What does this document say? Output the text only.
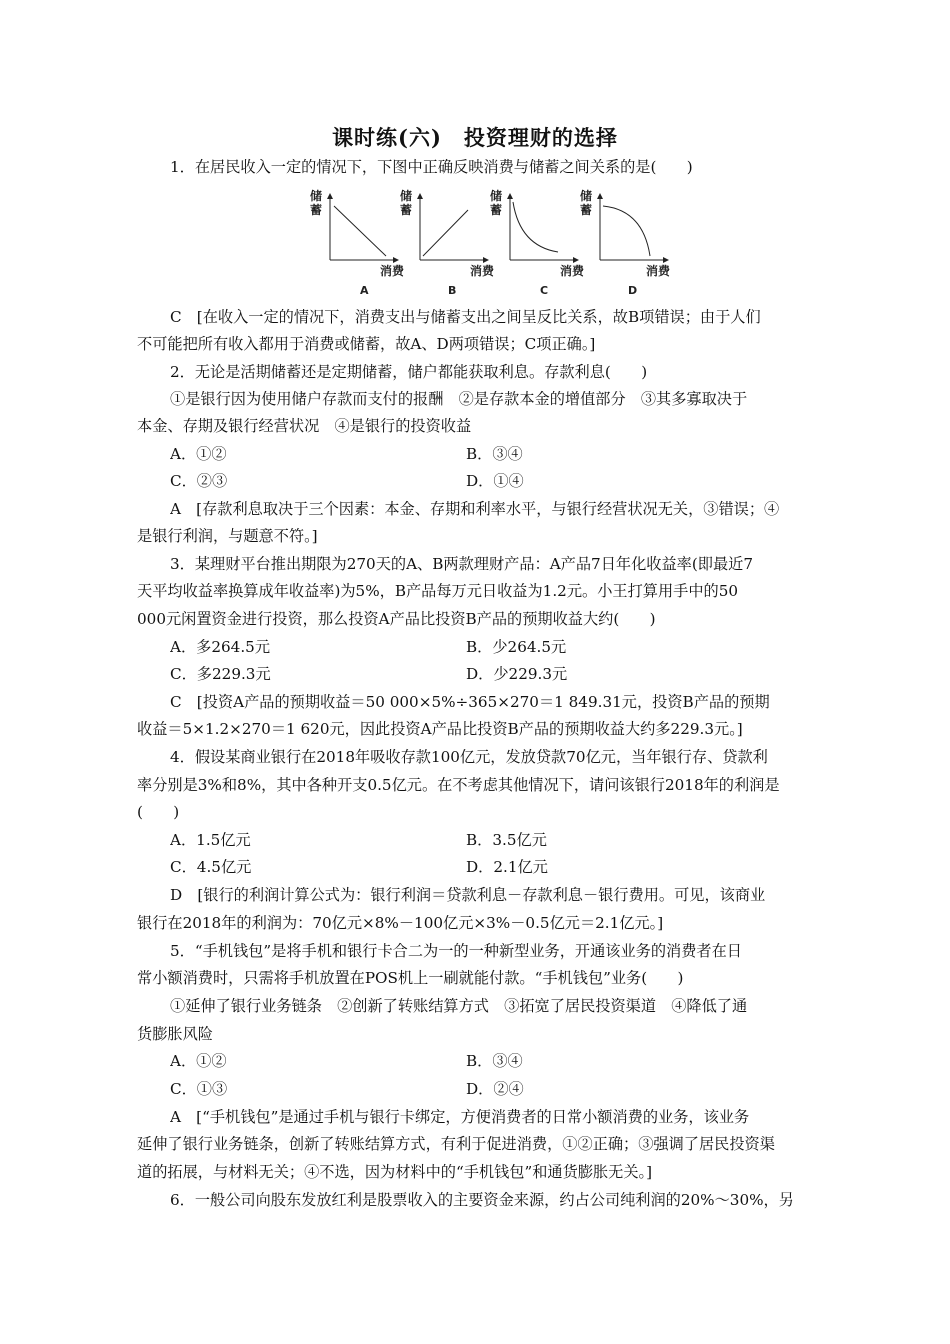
课时练(六)　投资理财的选择
1．在居民收入一定的情况下，下图中正确反映消费与储蓄之间关系的是(　　)
储蓄
消费
A
储蓄
消费
B
储蓄
消费
C
储蓄
消费
D
C　[在收入一定的情况下，消费支出与储蓄支出之间呈反比关系，故B项错误；由于人们
不可能把所有收入都用于消费或储蓄，故A、D两项错误；C项正确。]
2．无论是活期储蓄还是定期储蓄，储户都能获取利息。存款利息(　　)
①是银行因为使用储户存款而支付的报酬　②是存款本金的增值部分　③其多寡取决于
本金、存期及银行经营状况　④是银行的投资收益
A．①②	B．③④
C．②③	D．①④
A　[存款利息取决于三个因素：本金、存期和利率水平，与银行经营状况无关，③错误；④
是银行利润，与题意不符。]
3．某理财平台推出期限为270天的A、B两款理财产品：A产品7日年化收益率(即最近7
天平均收益率换算成年收益率)为5%，B产品每万元日收益为1.2元。小王打算用手中的50
000元闲置资金进行投资，那么投资A产品比投资B产品的预期收益大约(　　)
A．多264.5元	B．少264.5元
C．多229.3元	D．少229.3元
C　[投资A产品的预期收益＝50 000×5%÷365×270＝1 849.31元，投资B产品的预期
收益＝5×1.2×270＝1 620元，因此投资A产品比投资B产品的预期收益大约多229.3元。]
4．假设某商业银行在2018年吸收存款100亿元，发放贷款70亿元，当年银行存、贷款利
率分别是3%和8%，其中各种开支0.5亿元。在不考虑其他情况下，请问该银行2018年的利润是
(　　)
A．1.5亿元	B．3.5亿元
C．4.5亿元	D．2.1亿元
D　[银行的利润计算公式为：银行利润＝贷款利息－存款利息－银行费用。可见，该商业
银行在2018年的利润为：70亿元×8%－100亿元×3%－0.5亿元＝2.1亿元。]
5．“手机钱包”是将手机和银行卡合二为一的一种新型业务，开通该业务的消费者在日
常小额消费时，只需将手机放置在POS机上一刷就能付款。“手机钱包”业务(　　)
①延伸了银行业务链条　②创新了转账结算方式　③拓宽了居民投资渠道　④降低了通
货膨胀风险
A．①②	B．③④
C．①③	D．②④
A　[“手机钱包”是通过手机与银行卡绑定，方便消费者的日常小额消费的业务，该业务
延伸了银行业务链条，创新了转账结算方式，有利于促进消费，①②正确；③强调了居民投资渠
道的拓展，与材料无关；④不选，因为材料中的“手机钱包”和通货膨胀无关。]
6．一般公司向股东发放红利是股票收入的主要资金来源，约占公司纯利润的20%～30%，另
